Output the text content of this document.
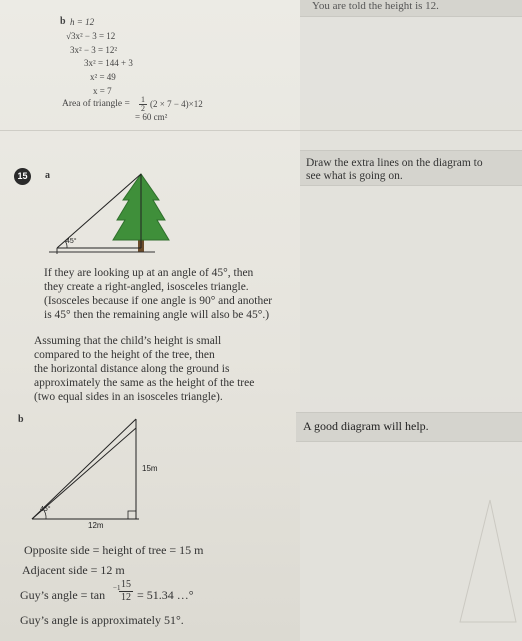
You are told the height is 12.
b h = 12
√3x² − 3 = 12
3x² − 3 = 12²
3x² = 144 + 3
x² = 49
x = 7
Area of triangle = 1
2 (2 × 7 − 4)×12
= 60 cm²
Draw the extra lines on the diagram to
see what is going on.
15	a
45°
If they are looking up at an angle of 45°, then
they create a right-angled, isosceles triangle.
(Isosceles because if one angle is 90° and another
is 45° then the remaining angle will also be 45°.)
Assuming that the child’s height is small
compared to the height of the tree, then
the horizontal distance along the ground is
approximately the same as the height of the tree
(two equal sides in an isosceles triangle).
A good diagram will help.
b
45°
15m
12m
Opposite side = height of tree = 15 m
Adjacent side = 12 m
Guy’s angle = tan −1 15
12 = 51.34 …°
Guy’s angle is approximately 51°.
